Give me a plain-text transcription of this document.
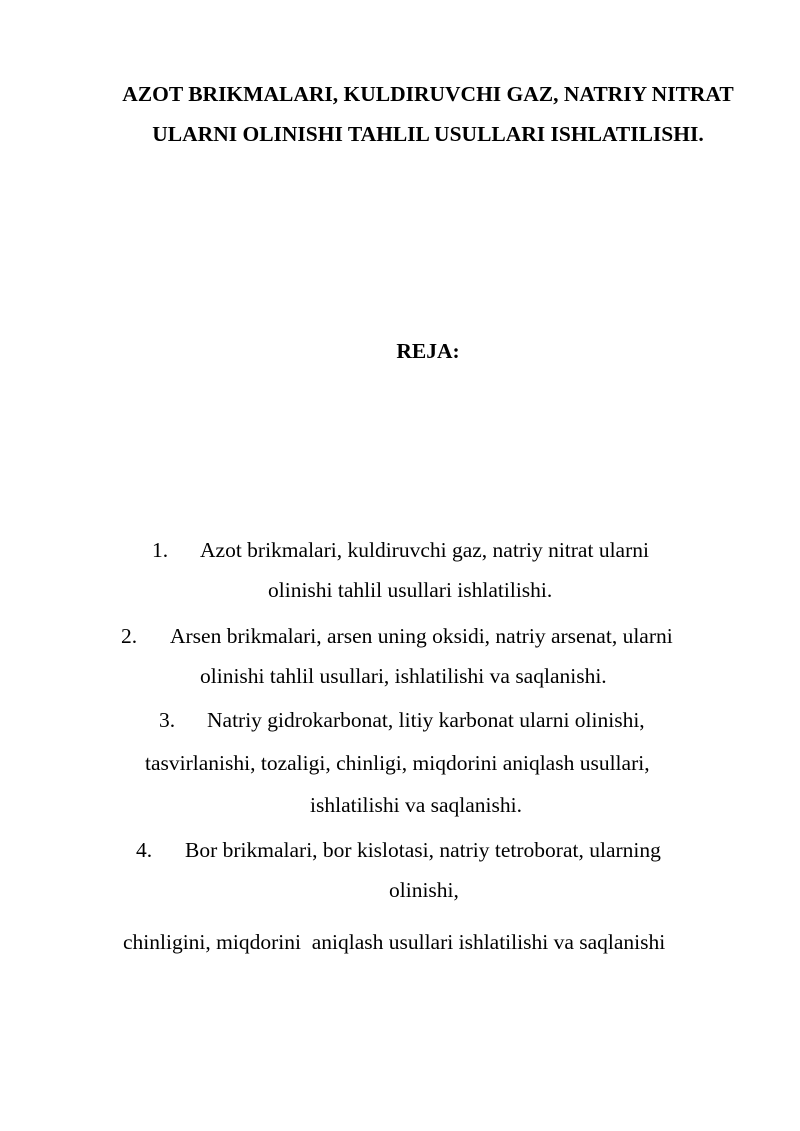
AZOT BRIKMALARI, KULDIRUVCHI GAZ, NATRIY NITRAT ULARNI OLINISHI TAHLIL USULLARI ISHLATILISHI.
REJA:
1. Azot brikmalari, kuldiruvchi gaz, natriy nitrat ularni
olinishi tahlil usullari ishlatilishi.
2. Arsen brikmalari, arsen uning oksidi, natriy arsenat, ularni
olinishi tahlil usullari, ishlatilishi va saqlanishi.
3. Natriy gidrokarbonat, litiy karbonat ularni olinishi,
tasvirlanishi, tozaligi, chinligi, miqdorini aniqlash usullari,
ishlatilishi va saqlanishi.
4. Bor brikmalari, bor kislotasi, natriy tetroborat, ularning
olinishi,
chinligini, miqdorini  aniqlash usullari ishlatilishi va saqlanishi
